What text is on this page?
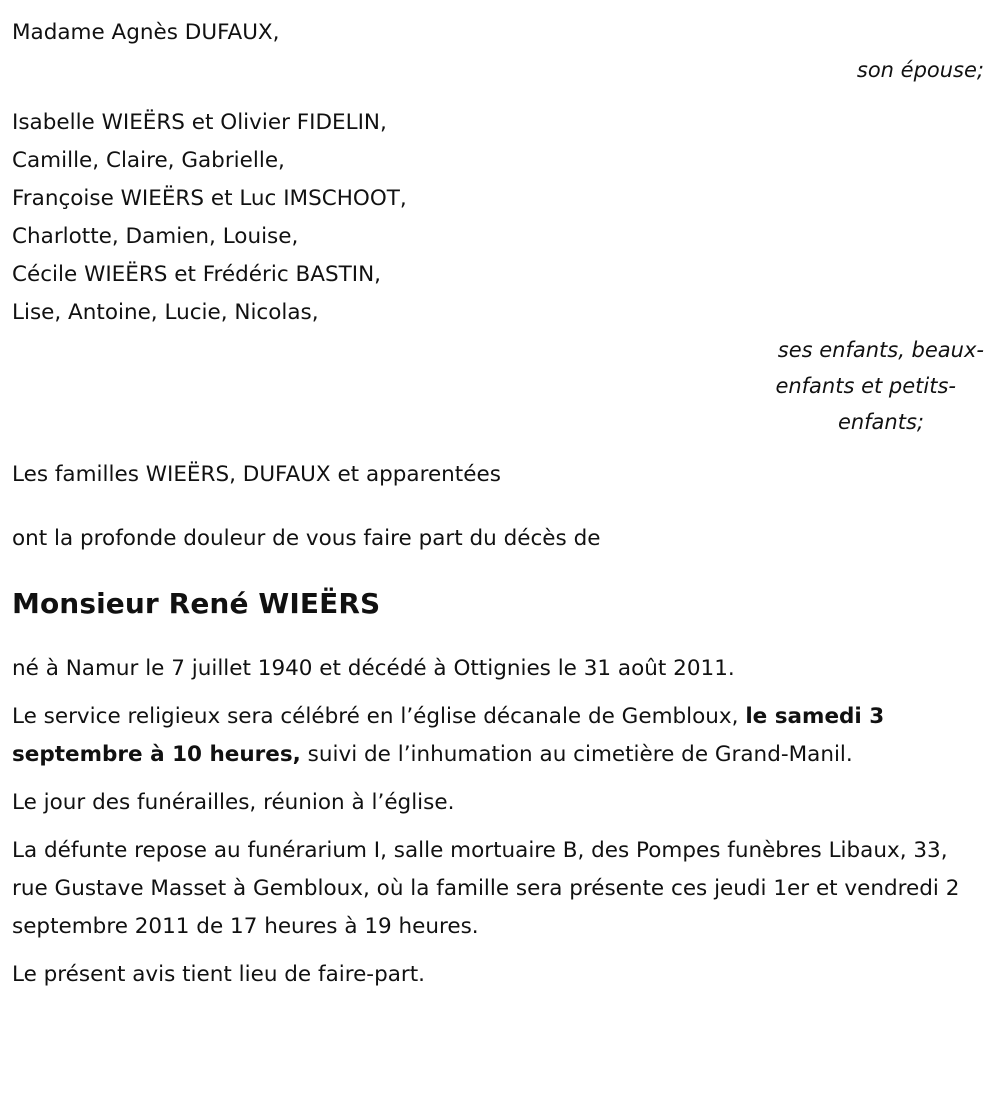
Madame Agnès DUFAUX,
son épouse;
Isabelle WIEËRS et Olivier FIDELIN,
Camille, Claire, Gabrielle,
Françoise WIEËRS et Luc IMSCHOOT,
Charlotte, Damien, Louise,
Cécile WIEËRS et Frédéric BASTIN,
Lise, Antoine, Lucie, Nicolas,
ses enfants, beaux-
enfants et petits-
enfants;
Les familles WIEËRS, DUFAUX et apparentées
ont la profonde douleur de vous faire part du décès de
Monsieur René WIEËRS
né à Namur le 7 juillet 1940 et décédé à Ottignies le 31 août 2011.
Le service religieux sera célébré en l’église décanale de Gembloux, le samedi 3 septembre à 10 heures, suivi de l’inhumation au cimetière de Grand-Manil.
Le jour des funérailles, réunion à l’église.
La défunte repose au funérarium I, salle mortuaire B, des Pompes funèbres Libaux, 33, rue Gustave Masset à Gembloux, où la famille sera présente ces jeudi 1er et vendredi 2 septembre 2011 de 17 heures à 19 heures.
Le présent avis tient lieu de faire-part.
